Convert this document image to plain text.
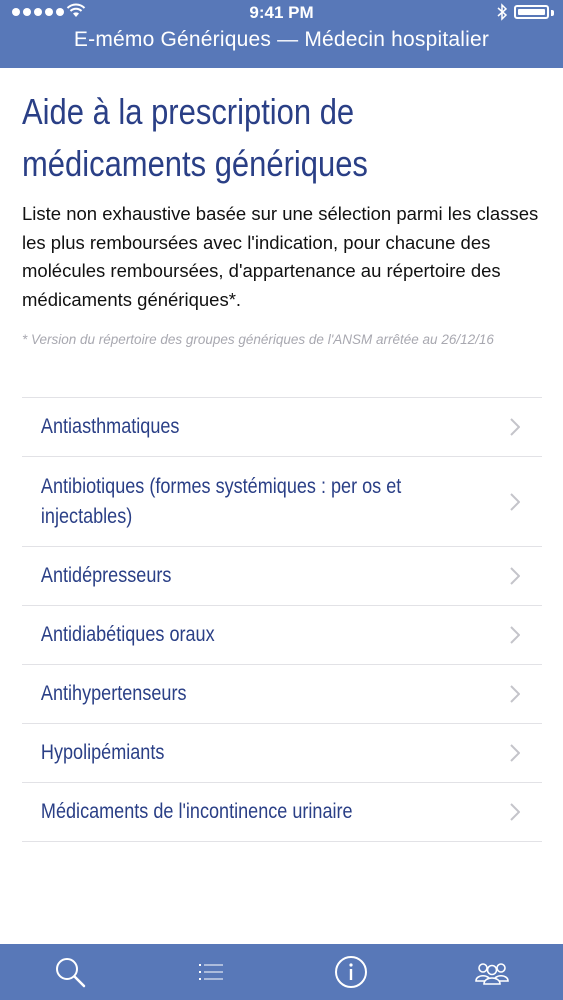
9:41 PM
E-mémo Génériques — Médecin hospitalier
Aide à la prescription de médicaments génériques
Liste non exhaustive basée sur une sélection parmi les classes les plus remboursées avec l'indication, pour chacune des molécules remboursées, d'appartenance au répertoire des médicaments génériques*.
* Version du répertoire des groupes génériques de l'ANSM arrêtée au 26/12/16
Antiasthmatiques
Antibiotiques (formes systémiques : per os et injectables)
Antidépresseurs
Antidiabétiques oraux
Antihypertenseurs
Hypolipémiants
Médicaments de l'incontinence urinaire
